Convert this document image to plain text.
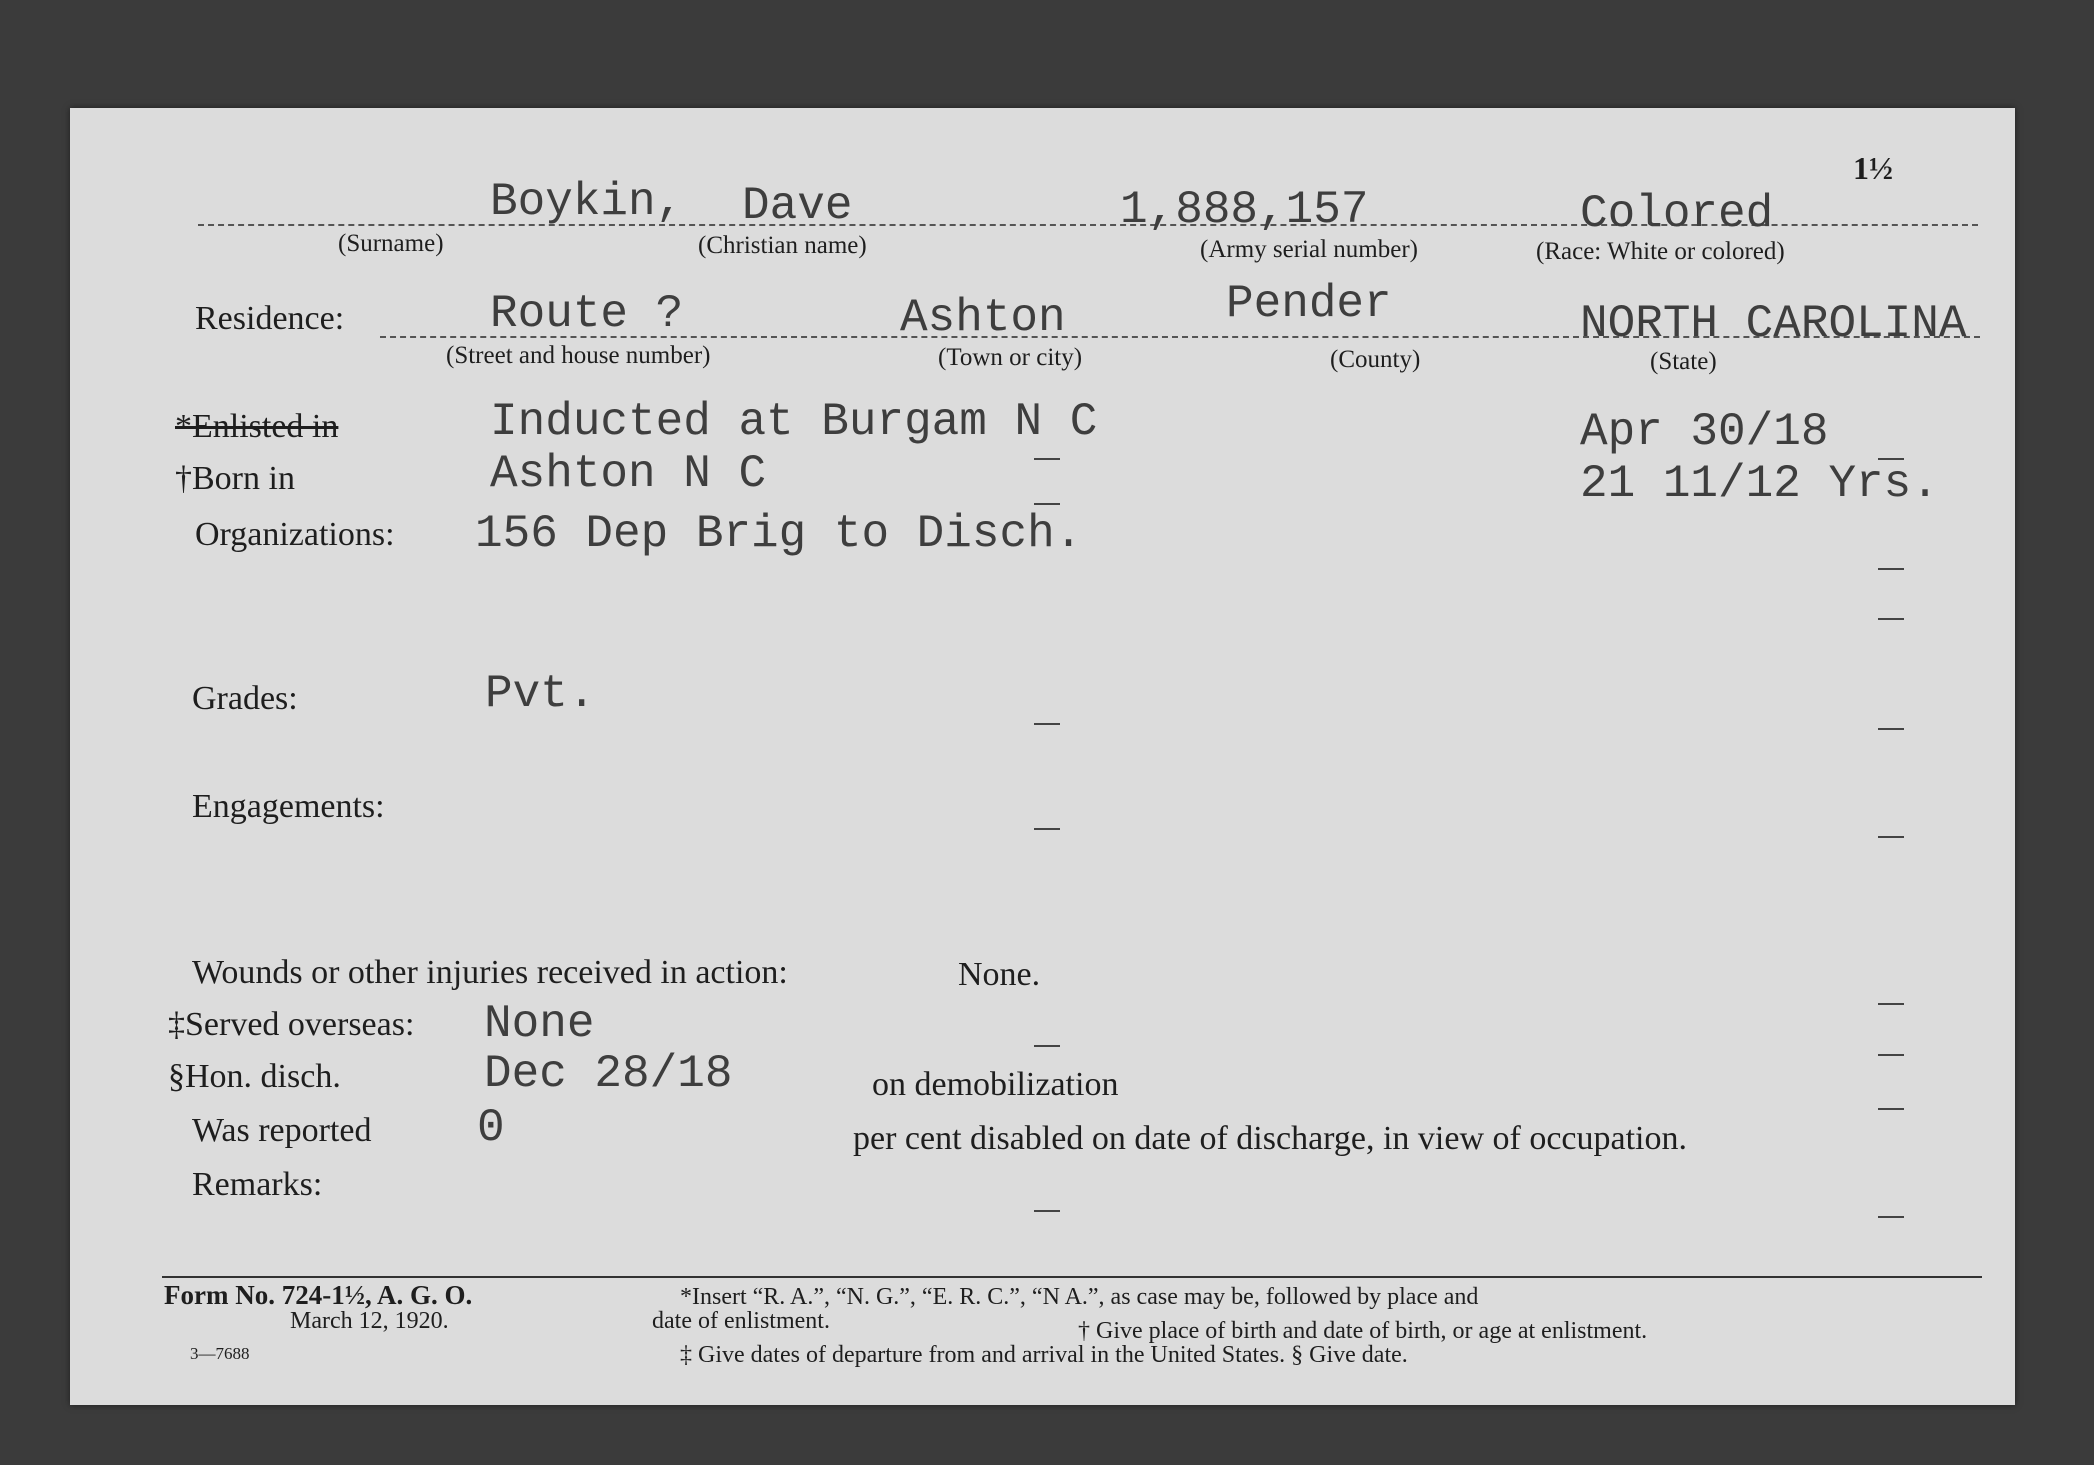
1½
Boykin, Dave	1,888,157	Colored
(Surname)	(Christian name)	(Army serial number)	(Race: White or colored)
Residence:	Route ?	Ashton	Pender	NORTH CAROLINA
(Street and house number)	(Town or city)	(County)	(State)
*Enlisted in	Inducted at Burgam N C	Apr 30/18
†Born in	Ashton N C	21 11/12 Yrs.
Organizations: 156 Dep Brig to Disch.
Grades:	Pvt.
Engagements:
Wounds or other injuries received in action:	None.
‡Served overseas: None
§Hon. disch.	Dec 28/18	on demobilization
Was reported 0	per cent disabled on date of discharge, in view of occupation.
Remarks:
Form No. 724-1½, A. G. O.
March 12, 1920.
3—7688
*Insert “R. A.”, “N. G.”, “E. R. C.”, “N A.”, as case may be, followed by place and
date of enlistment.	† Give place of birth and date of birth, or age at enlistment.
‡ Give dates of departure from and arrival in the United States. § Give date.
